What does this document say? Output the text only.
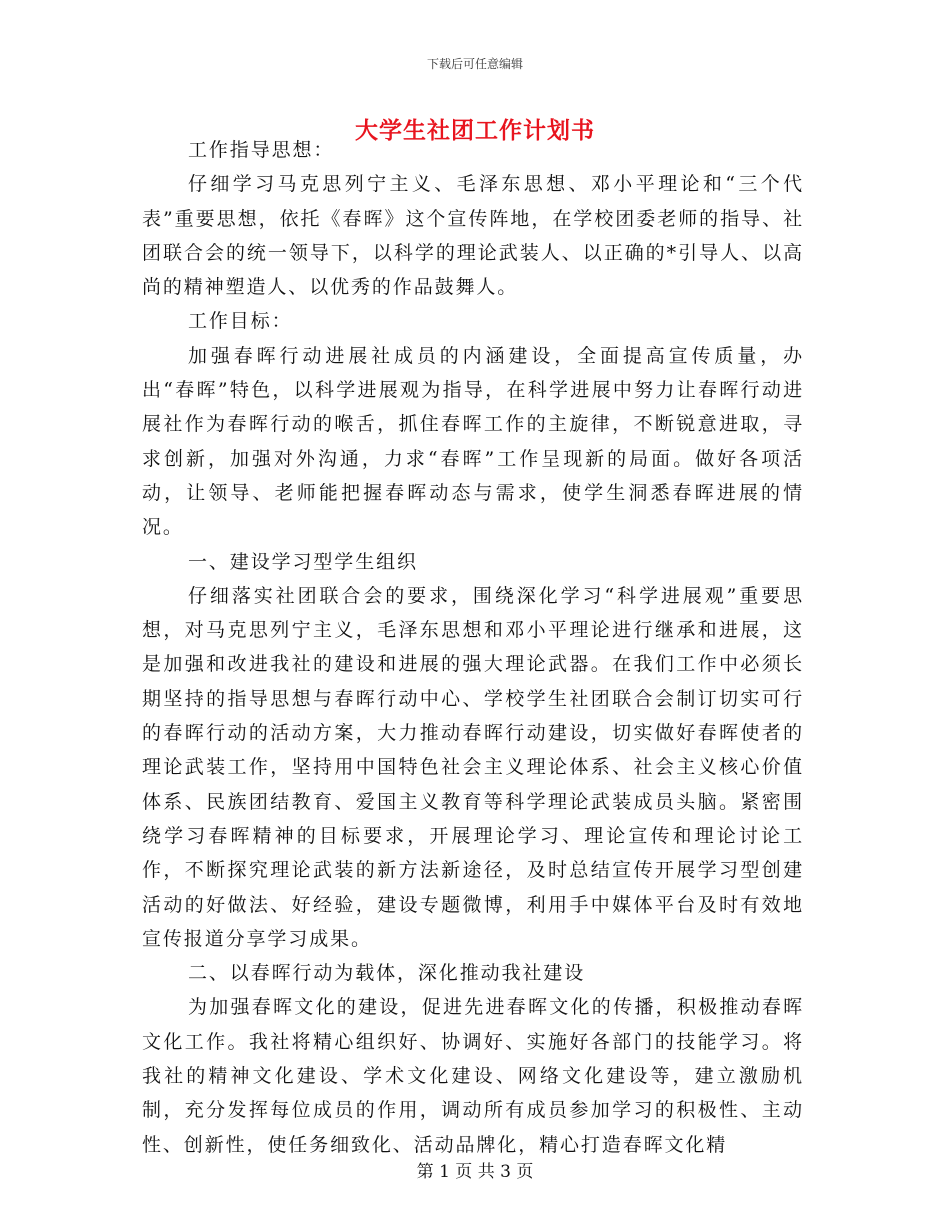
下载后可任意编辑
大学生社团工作计划书

工作指导思想：

仔细学习马克思列宁主义、毛泽东思想、邓小平理论和“三个代表”重要思想，依托《春晖》这个宣传阵地，在学校团委老师的指导、社团联合会的统一领导下，以科学的理论武装人、以正确的*引导人、以高尚的精神塑造人、以优秀的作品鼓舞人。

工作目标：

加强春晖行动进展社成员的内涵建设，全面提高宣传质量，办出“春晖”特色，以科学进展观为指导，在科学进展中努力让春晖行动进展社作为春晖行动的喉舌，抓住春晖工作的主旋律，不断锐意进取，寻求创新，加强对外沟通，力求“春晖”工作呈现新的局面。做好各项活动，让领导、老师能把握春晖动态与需求，使学生洞悉春晖进展的情况。

一、建设学习型学生组织

仔细落实社团联合会的要求，围绕深化学习“科学进展观”重要思想，对马克思列宁主义，毛泽东思想和邓小平理论进行继承和进展，这是加强和改进我社的建设和进展的强大理论武器。在我们工作中必须长期坚持的指导思想与春晖行动中心、学校学生社团联合会制订切实可行的春晖行动的活动方案，大力推动春晖行动建设，切实做好春晖使者的理论武装工作，坚持用中国特色社会主义理论体系、社会主义核心价值体系、民族团结教育、爱国主义教育等科学理论武装成员头脑。紧密围绕学习春晖精神的目标要求，开展理论学习、理论宣传和理论讨论工作，不断探究理论武装的新方法新途径，及时总结宣传开展学习型创建活动的好做法、好经验，建设专题微博，利用手中媒体平台及时有效地宣传报道分享学习成果。

二、以春晖行动为载体，深化推动我社建设

为加强春晖文化的建设，促进先进春晖文化的传播，积极推动春晖文化工作。我社将精心组织好、协调好、实施好各部门的技能学习。将我社的精神文化建设、学术文化建设、网络文化建设等，建立激励机制，充分发挥每位成员的作用，调动所有成员参加学习的积极性、主动性、创新性，使任务细致化、活动品牌化，精心打造春晖文化精

第 1 页 共 3 页
